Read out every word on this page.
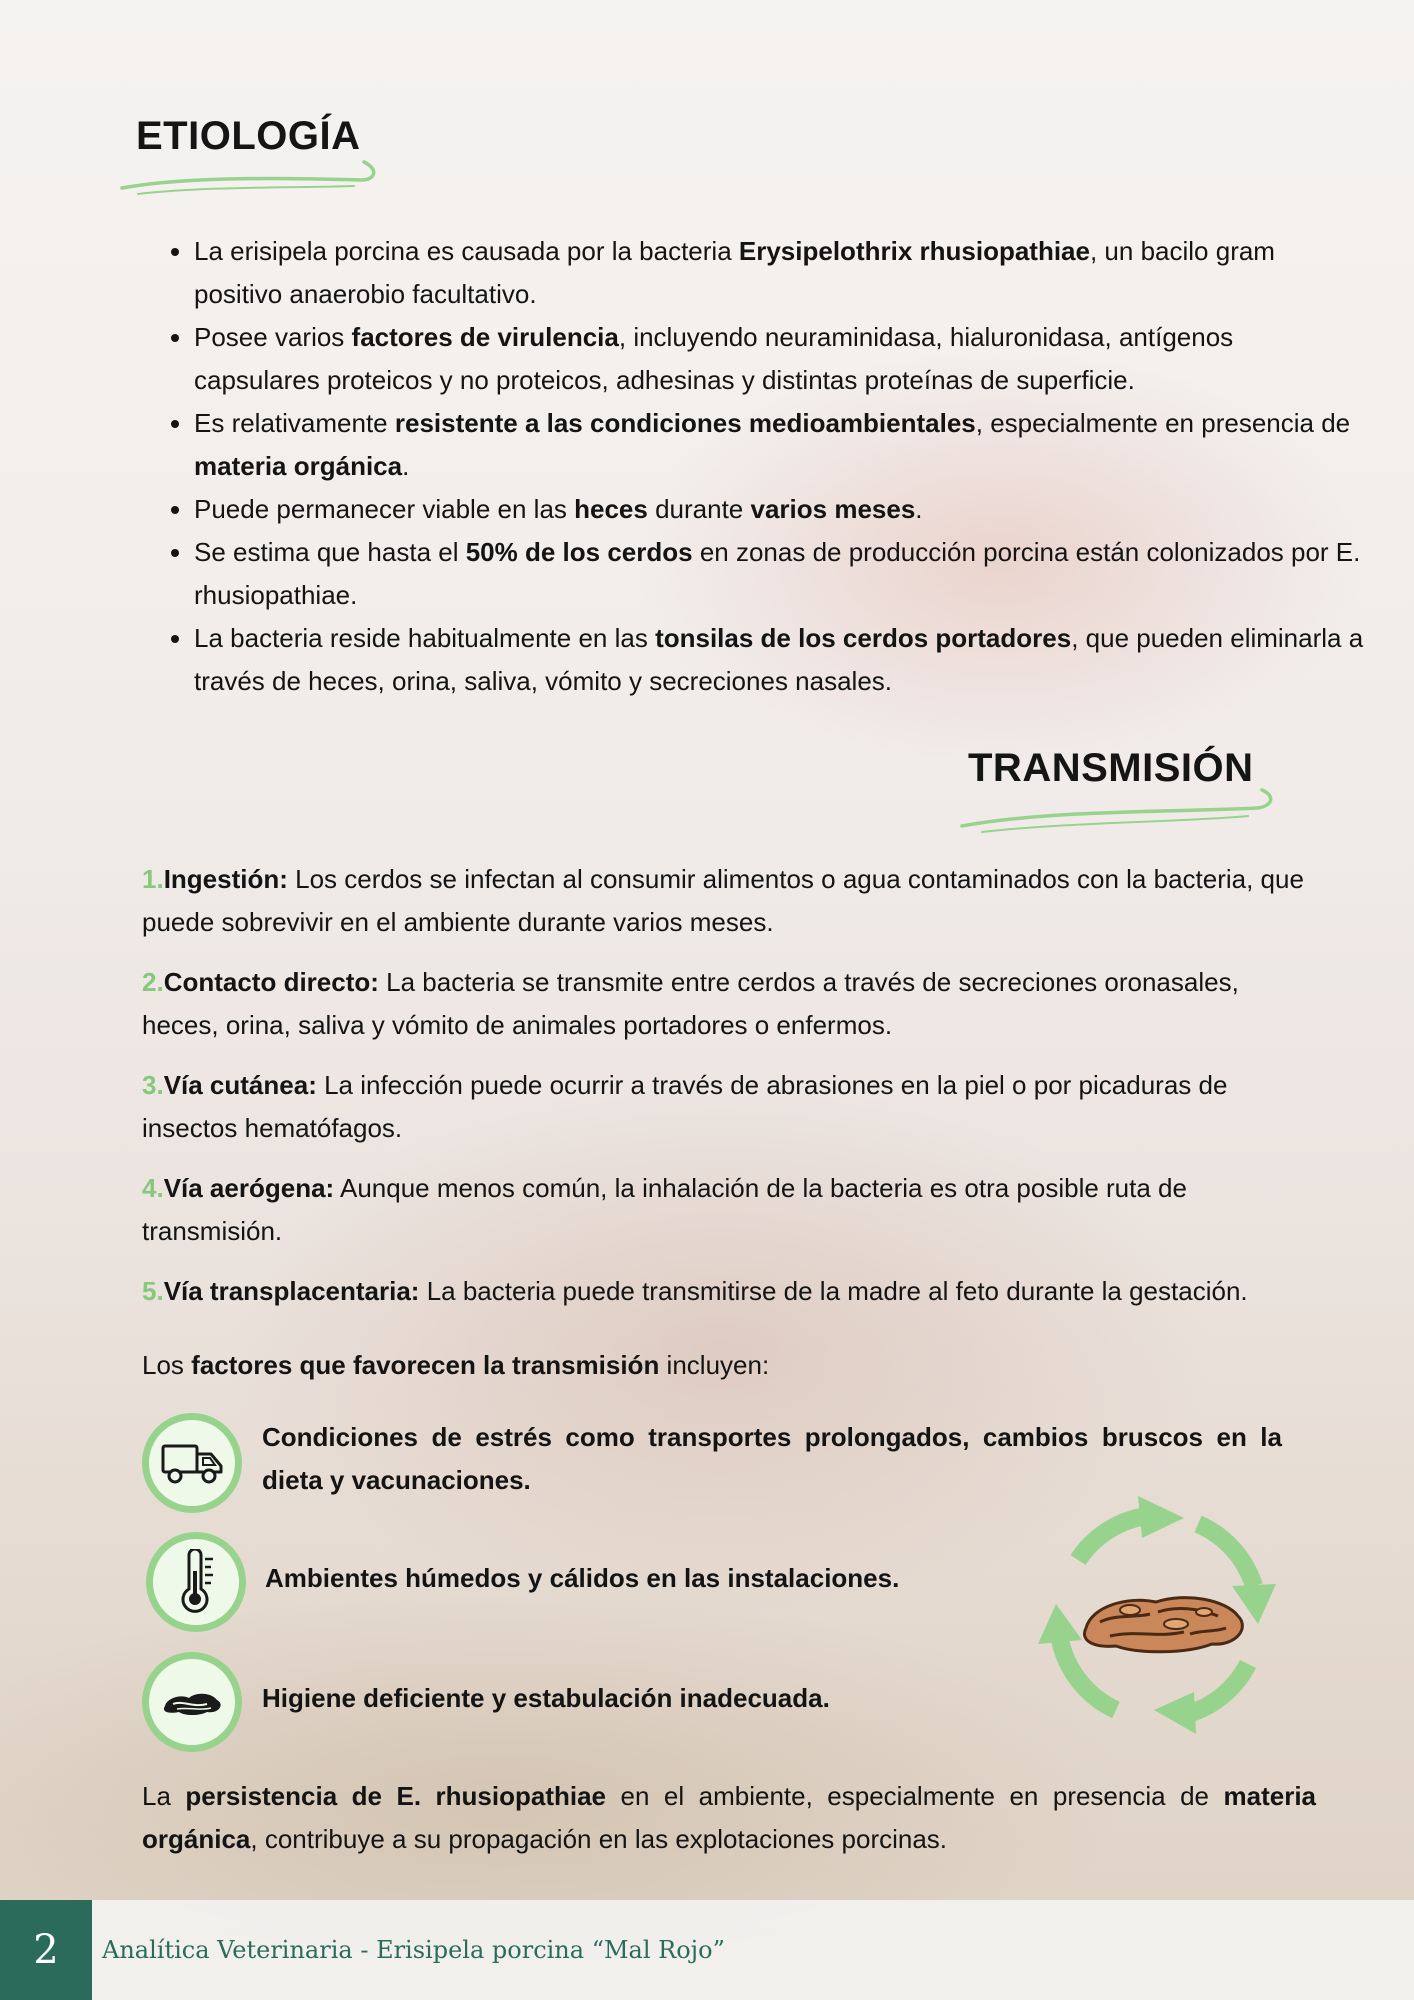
ETIOLOGÍA
• La erisipela porcina es causada por la bacteria Erysipelothrix rhusiopathiae, un bacilo gram positivo anaerobio facultativo.
• Posee varios factores de virulencia, incluyendo neuraminidasa, hialuronidasa, antígenos capsulares proteicos y no proteicos, adhesinas y distintas proteínas de superficie.
• Es relativamente resistente a las condiciones medioambientales, especialmente en presencia de materia orgánica.
• Puede permanecer viable en las heces durante varios meses.
• Se estima que hasta el 50% de los cerdos en zonas de producción porcina están colonizados por E. rhusiopathiae.
• La bacteria reside habitualmente en las tonsilas de los cerdos portadores, que pueden eliminarla a través de heces, orina, saliva, vómito y secreciones nasales.
TRANSMISIÓN

1.Ingestión: Los cerdos se infectan al consumir alimentos o agua contaminados con la bacteria, que puede sobrevivir en el ambiente durante varios meses.

2.Contacto directo: La bacteria se transmite entre cerdos a través de secreciones oronasales, heces, orina, saliva y vómito de animales portadores o enfermos.

3.Vía cutánea: La infección puede ocurrir a través de abrasiones en la piel o por picaduras de insectos hematófagos.

4.Vía aerógena: Aunque menos común, la inhalación de la bacteria es otra posible ruta de transmisión.

5.Vía transplacentaria: La bacteria puede transmitirse de la madre al feto durante la gestación.

Los factores que favorecen la transmisión incluyen:

Condiciones de estrés como transportes prolongados, cambios bruscos en la dieta y vacunaciones.

Ambientes húmedos y cálidos en las instalaciones.

Higiene deficiente y estabulación inadecuada.

La persistencia de E. rhusiopathiae en el ambiente, especialmente en presencia de materia orgánica, contribuye a su propagación en las explotaciones porcinas.

2	Analítica Veterinaria - Erisipela porcina “Mal Rojo”
